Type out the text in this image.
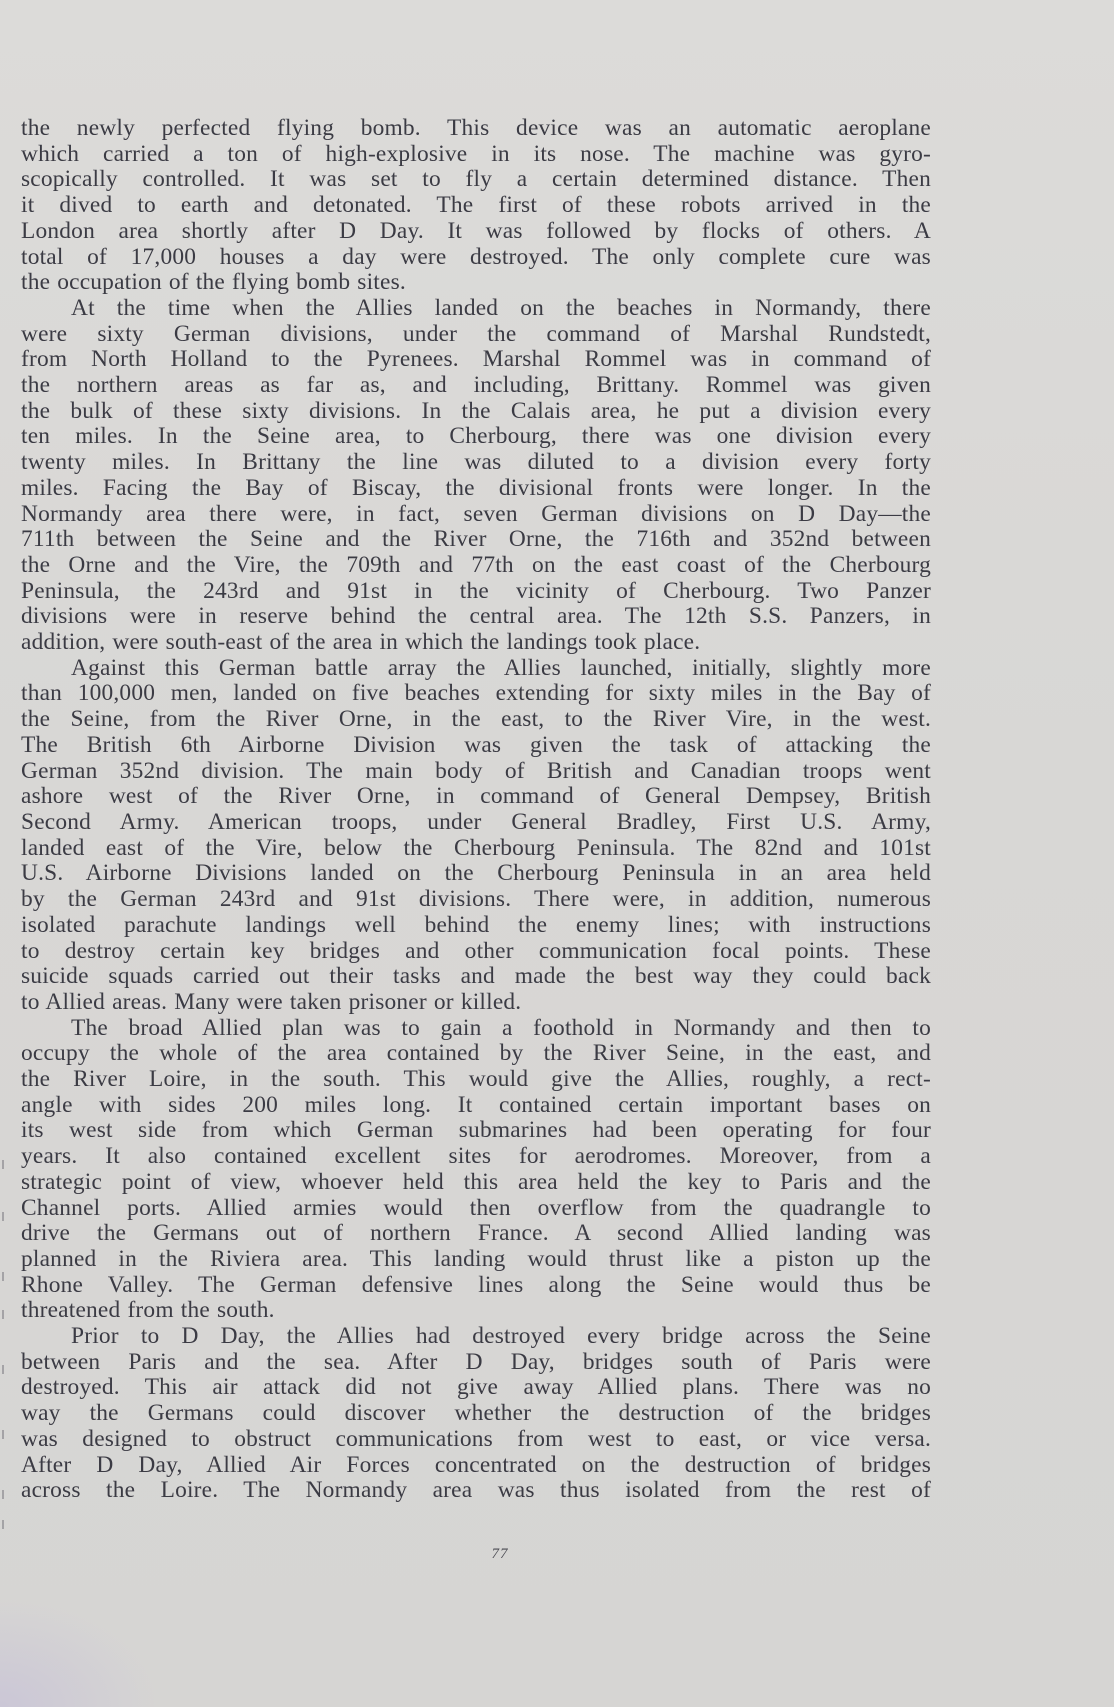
the newly perfected flying bomb. This device was an automatic aeroplane
which carried a ton of high-explosive in its nose. The machine was gyro-
scopically controlled. It was set to fly a certain determined distance. Then
it dived to earth and detonated. The first of these robots arrived in the
London area shortly after D Day. It was followed by flocks of others. A
total of 17,000 houses a day were destroyed. The only complete cure was
the occupation of the flying bomb sites.

At the time when the Allies landed on the beaches in Normandy, there
were sixty German divisions, under the command of Marshal Rundstedt,
from North Holland to the Pyrenees. Marshal Rommel was in command of
the northern areas as far as, and including, Brittany. Rommel was given
the bulk of these sixty divisions. In the Calais area, he put a division every
ten miles. In the Seine area, to Cherbourg, there was one division every
twenty miles. In Brittany the line was diluted to a division every forty
miles. Facing the Bay of Biscay, the divisional fronts were longer. In the
Normandy area there were, in fact, seven German divisions on D Day—the
711th between the Seine and the River Orne, the 716th and 352nd between
the Orne and the Vire, the 709th and 77th on the east coast of the Cherbourg
Peninsula, the 243rd and 91st in the vicinity of Cherbourg. Two Panzer
divisions were in reserve behind the central area. The 12th S.S. Panzers, in
addition, were south-east of the area in which the landings took place.

Against this German battle array the Allies launched, initially, slightly more
than 100,000 men, landed on five beaches extending for sixty miles in the Bay of
the Seine, from the River Orne, in the east, to the River Vire, in the west.
The British 6th Airborne Division was given the task of attacking the
German 352nd division. The main body of British and Canadian troops went
ashore west of the River Orne, in command of General Dempsey, British
Second Army. American troops, under General Bradley, First U.S. Army,
landed east of the Vire, below the Cherbourg Peninsula. The 82nd and 101st
U.S. Airborne Divisions landed on the Cherbourg Peninsula in an area held
by the German 243rd and 91st divisions. There were, in addition, numerous
isolated parachute landings well behind the enemy lines; with instructions
to destroy certain key bridges and other communication focal points. These
suicide squads carried out their tasks and made the best way they could back
to Allied areas. Many were taken prisoner or killed.

The broad Allied plan was to gain a foothold in Normandy and then to
occupy the whole of the area contained by the River Seine, in the east, and
the River Loire, in the south. This would give the Allies, roughly, a rect-
angle with sides 200 miles long. It contained certain important bases on
its west side from which German submarines had been operating for four
years. It also contained excellent sites for aerodromes. Moreover, from a
strategic point of view, whoever held this area held the key to Paris and the
Channel ports. Allied armies would then overflow from the quadrangle to
drive the Germans out of northern France. A second Allied landing was
planned in the Riviera area. This landing would thrust like a piston up the
Rhone Valley. The German defensive lines along the Seine would thus be
threatened from the south.

Prior to D Day, the Allies had destroyed every bridge across the Seine
between Paris and the sea. After D Day, bridges south of Paris were
destroyed. This air attack did not give away Allied plans. There was no
way the Germans could discover whether the destruction of the bridges
was designed to obstruct communications from west to east, or vice versa.
After D Day, Allied Air Forces concentrated on the destruction of bridges
across the Loire. The Normandy area was thus isolated from the rest of

77
